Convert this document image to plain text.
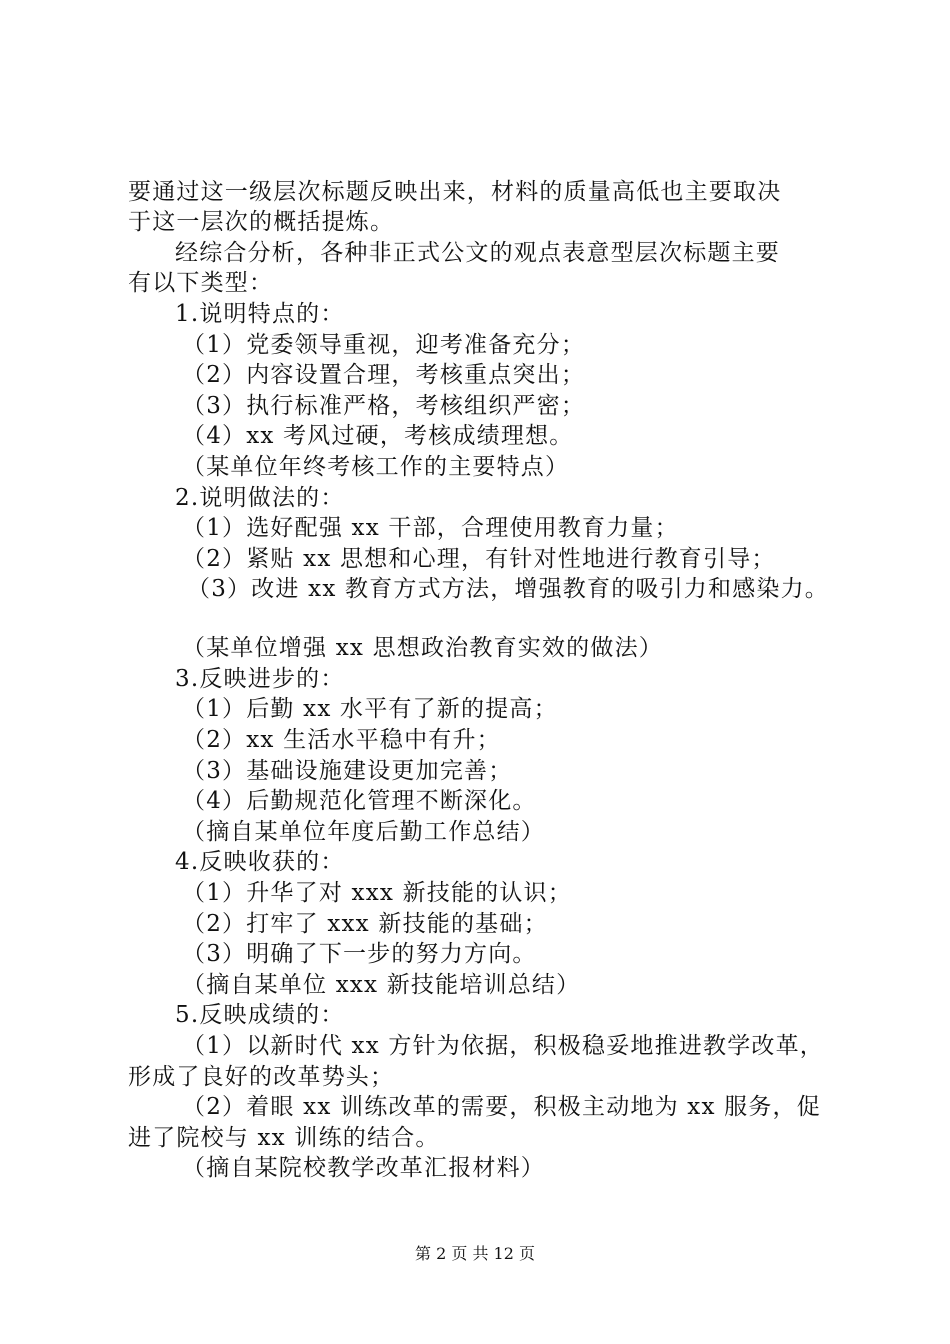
要通过这一级层次标题反映出来，材料的质量高低也主要取决
于这一层次的概括提炼。
经综合分析，各种非正式公文的观点表意型层次标题主要
有以下类型：
1.说明特点的：
（1）党委领导重视，迎考准备充分；
（2）内容设置合理，考核重点突出；
（3）执行标准严格，考核组织严密；
（4）xx 考风过硬，考核成绩理想。
（某单位年终考核工作的主要特点）
2.说明做法的：
（1）选好配强 xx 干部，合理使用教育力量；
（2）紧贴 xx 思想和心理，有针对性地进行教育引导；
（3）改进 xx 教育方式方法，增强教育的吸引力和感染力。
（某单位增强 xx 思想政治教育实效的做法）
3.反映进步的：
（1）后勤 xx 水平有了新的提高；
（2）xx 生活水平稳中有升；
（3）基础设施建设更加完善；
（4）后勤规范化管理不断深化。
（摘自某单位年度后勤工作总结）
4.反映收获的：
（1）升华了对 xxx 新技能的认识；
（2）打牢了 xxx 新技能的基础；
（3）明确了下一步的努力方向。
（摘自某单位 xxx 新技能培训总结）
5.反映成绩的：
（1）以新时代 xx 方针为依据，积极稳妥地推进教学改革，
形成了良好的改革势头；
（2）着眼 xx 训练改革的需要，积极主动地为 xx 服务，促
进了院校与 xx 训练的结合。
（摘自某院校教学改革汇报材料）
第 2 页 共 12 页
